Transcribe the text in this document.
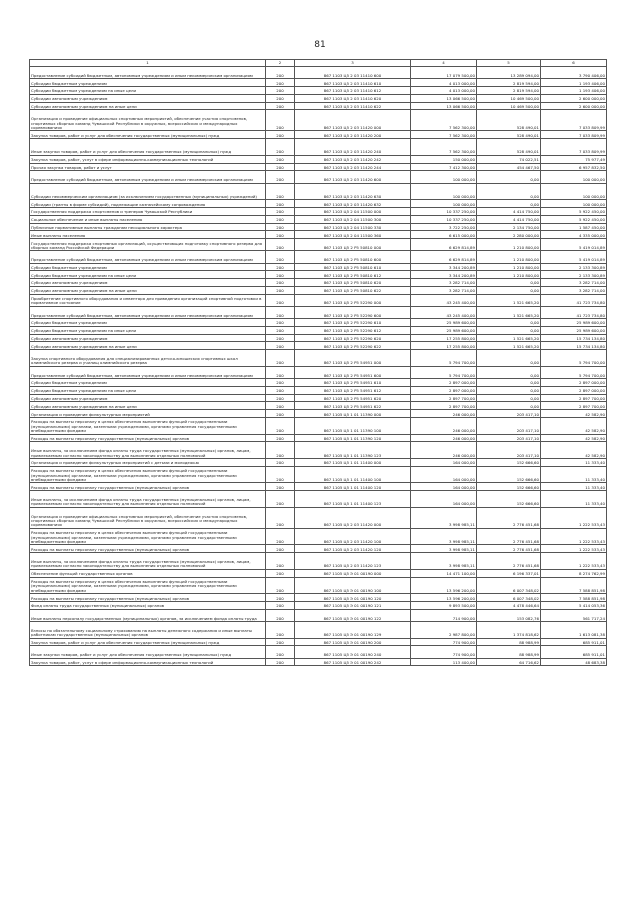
81
1	2	3	4	5	6
Предоставление субсидий бюджетным, автономным учреждениям и иным некоммерческим организациям	200	867 1103 Ц5 2 03 11410 600	17 079 500,00	13 289 094,00	3 790 406,00
Субсидии бюджетным учреждениям	200	867 1103 Ц5 2 03 11410 610	4 013 000,00	2 819 594,00	1 193 406,00
Субсидии бюджетным учреждениям на иные цели	200	867 1103 Ц5 2 03 11410 612	4 013 000,00	2 819 594,00	1 193 406,00
Субсидии автономным учреждениям	200	867 1103 Ц5 2 03 11410 620	13 066 500,00	10 469 500,00	2 600 000,00
Субсидии автономным учреждениям на иные цели	200	867 1103 Ц5 2 03 11410 622	13 066 500,00	10 469 500,00	2 600 000,00
Организация и проведение официальных спортивных мероприятий, обеспечение участия спортсменов, спортивных сборных команд Чувашской Республики в окружных, всероссийских и международных соревнованиях	200	867 1103 Ц5 2 03 11420 000	7 562 300,00	528 490,01	7 033 809,99
Закупка товаров, работ и услуг для обеспечения государственных (муниципальных) нужд	200	867 1103 Ц5 2 03 11420 200	7 562 300,00	528 490,01	7 033 809,99
Иные закупки товаров, работ и услуг для обеспечения государственных (муниципальных) нужд	200	867 1103 Ц5 2 03 11420 240	7 562 300,00	528 490,01	7 033 809,99
Закупка товаров, работ, услуг в сфере информационно-коммуникационных технологий	200	867 1103 Ц5 2 03 11420 242	150 000,00	74 022,51	75 977,49
Прочая закупка товаров, работ и услуг	200	867 1103 Ц5 2 03 11420 244	7 412 300,00	454 467,50	6 957 832,50
Предоставление субсидий бюджетным, автономным учреждениям и иным некоммерческим организациям	200	867 1103 Ц5 2 03 11420 600	100 000,00	0,00	100 000,00
Субсидии некоммерческим организациям (за исключением государственных (муниципальных) учреждений)	200	867 1103 Ц5 2 03 11420 630	100 000,00	0,00	100 000,00
Субсидии (гранты в форме субсидий), подлежащие казначейскому сопровождению	200	867 1103 Ц5 2 03 11420 632	100 000,00	0,00	100 000,00
Государственная поддержка спортсменов и тренеров Чувашской Республики	200	867 1103 Ц5 2 04 11500 000	10 337 250,00	4 414 750,00	5 922 450,00
Социальное обеспечение и иные выплаты населению	200	867 1103 Ц5 2 04 11500 300	10 337 250,00	4 414 750,00	5 922 450,00
Публичные нормативные выплаты гражданам несоциального характера	200	867 1103 Ц5 2 04 11500 330	3 722 250,00	2 134 750,00	1 587 450,00
Иные выплаты населению	200	867 1103 Ц5 2 04 11500 360	6 615 000,00	2 280 000,00	4 335 000,00
Государственная поддержка спортивных организаций, осуществляющих подготовку спортивного резерва для сборных команд Российской Федерации	200	867 1103 Ц5 2 P5 50810 000	6 629 814,89	1 210 800,00	5 419 014,89
Предоставление субсидий бюджетным, автономным учреждениям и иным некоммерческим организациям	200	867 1103 Ц5 2 P5 50810 600	6 629 814,89	1 210 800,00	5 419 014,89
Субсидии бюджетным учреждениям	200	867 1103 Ц5 2 P5 50810 610	3 344 200,89	1 210 800,00	2 133 300,89
Субсидии бюджетным учреждениям на иные цели	200	867 1103 Ц5 2 P5 50810 612	3 344 200,89	1 210 800,00	2 133 300,89
Субсидии автономным учреждениям	200	867 1103 Ц5 2 P5 50810 620	3 282 714,00	0,00	3 282 714,00
Субсидии автономным учреждениям на иные цели	200	867 1103 Ц5 2 P5 50810 622	3 282 714,00	0,00	3 282 714,00
Приобретение спортивного оборудования и инвентаря для приведения организаций спортивной подготовки в нормативное состояние	200	867 1103 Ц5 2 P5 52290 000	43 245 400,00	1 521 665,20	41 723 734,80
Предоставление субсидий бюджетным, автономным учреждениям и иным некоммерческим организациям	200	867 1103 Ц5 2 P5 52290 600	43 245 400,00	1 521 665,20	41 723 734,80
Субсидии бюджетным учреждениям	200	867 1103 Ц5 2 P5 52290 610	25 989 600,00	0,00	25 989 600,00
Субсидии бюджетным учреждениям на иные цели	200	867 1103 Ц5 2 P5 52290 612	25 989 600,00	0,00	25 989 600,00
Субсидии автономным учреждениям	200	867 1103 Ц5 2 P5 52290 620	17 255 800,00	1 521 665,20	15 734 134,80
Субсидии автономным учреждениям на иные цели	200	867 1103 Ц5 2 P5 52290 622	17 255 800,00	1 521 665,20	15 734 134,80
Закупка спортивного оборудования для специализированных детско-юношеских спортивных школ олимпийского резерва и училищ олимпийского резерва	200	867 1103 Ц5 2 P5 54951 000	5 794 700,00	0,00	5 794 700,00
Предоставление субсидий бюджетным, автономным учреждениям и иным некоммерческим организациям	200	867 1103 Ц5 2 P5 54951 600	5 794 700,00	0,00	5 794 700,00
Субсидии бюджетным учреждениям	200	867 1103 Ц5 2 P5 54951 610	2 897 000,00	0,00	2 897 000,00
Субсидии бюджетным учреждениям на иные цели	200	867 1103 Ц5 2 P5 54951 612	2 897 000,00	0,00	2 897 000,00
Субсидии автономным учреждениям	200	867 1103 Ц5 2 P5 54951 620	2 897 700,00	0,00	2 897 700,00
Субсидии автономным учреждениям на иные цели	200	867 1103 Ц5 2 P5 54951 622	2 897 700,00	0,00	2 897 700,00
Организация и проведение физкультурных мероприятий	200	867 1105 Ц5 1 01 11390 000	246 000,00	203 417,10	42 582,90
Расходы на выплаты персоналу в целях обеспечения выполнения функций государственными (муниципальными) органами, казенными учреждениями, органами управления государственными внебюджетными фондами	200	867 1105 Ц5 1 01 11390 100	246 000,00	203 417,10	42 582,90
Расходы на выплаты персоналу государственных (муниципальных) органов	200	867 1105 Ц5 1 01 11390 120	246 000,00	203 417,10	42 582,90
Иные выплаты, за исключением фонда оплаты труда государственных (муниципальных) органов, лицам, привлекаемым согласно законодательству для выполнения отдельных полномочий	200	867 1105 Ц5 1 01 11390 123	246 000,00	203 417,10	42 582,90
Организация и проведение физкультурных мероприятий с детьми и молодежью	200	867 1105 Ц5 1 01 11400 000	164 000,00	152 666,60	11 333,40
Расходы на выплаты персоналу в целях обеспечения выполнения функций государственными (муниципальными) органами, казенными учреждениями, органами управления государственными внебюджетными фондами	200	867 1105 Ц5 1 01 11400 100	164 000,00	152 666,60	11 333,40
Расходы на выплаты персоналу государственных (муниципальных) органов	200	867 1105 Ц5 1 01 11400 120	164 000,00	152 666,60	11 333,40
Иные выплаты, за исключением фонда оплаты труда государственных (муниципальных) органов, лицам, привлекаемым согласно законодательству для выполнения отдельных полномочий	200	867 1105 Ц5 1 01 11400 123	164 000,00	152 666,60	11 333,40
Организация и проведение официальных спортивных мероприятий, обеспечение участия спортсменов, спортивных сборных команд Чувашской Республики в окружных, всероссийских и международных соревнованиях	200	867 1105 Ц5 2 03 11420 000	3 998 985,11	2 776 451,68	1 222 533,43
Расходы на выплаты персоналу в целях обеспечения выполнения функций государственными (муниципальными) органами, казенными учреждениями, органами управления государственными внебюджетными фондами	200	867 1105 Ц5 2 03 11420 100	3 998 985,11	2 776 451,68	1 222 533,43
Расходы на выплаты персоналу государственных (муниципальных) органов	200	867 1105 Ц5 2 03 11420 120	3 998 985,11	2 776 451,68	1 222 533,43
Иные выплаты, за исключением фонда оплаты труда государственных (муниципальных) органов, лицам, привлекаемым согласно законодательству для выполнения отдельных полномочий	200	867 1105 Ц5 2 03 11420 123	3 998 985,11	2 776 451,68	1 222 533,43
Обеспечение функций государственных органов	200	867 1105 Ц5 Э 01 00190 000	14 471 100,00	6 196 337,01	8 274 762,99
Расходы на выплаты персоналу в целях обеспечения выполнения функций государственными (муниципальными) органами, казенными учреждениями, органами управления государственными внебюджетными фондами	200	867 1105 Ц5 Э 01 00190 100	13 596 200,00	6 007 348,02	7 588 851,98
Расходы на выплаты персоналу государственных (муниципальных) органов	200	867 1105 Ц5 Э 01 00190 120	13 596 200,00	6 007 348,02	7 588 851,98
Фонд оплаты труда государственных (муниципальных) органов	200	867 1105 Ц5 Э 01 00190 121	9 893 500,00	4 478 446,64	5 414 053,36
Иные выплаты персоналу государственных (муниципальных) органов, за исключением фонда оплаты труда	200	867 1105 Ц5 Э 01 00190 122	714 900,00	153 082,76	561 717,24
Взносы по обязательному социальному страхованию на выплаты денежного содержания и иные выплаты работникам государственных (муниципальных) органов	200	867 1105 Ц5 Э 01 00190 129	2 987 800,00	1 374 818,62	1 613 081,38
Закупка товаров, работ и услуг для обеспечения государственных (муниципальных) нужд	200	867 1105 Ц5 Э 01 00190 200	774 900,00	88 988,99	685 911,01
Иные закупки товаров, работ и услуг для обеспечения государственных (муниципальных) нужд	200	867 1105 Ц5 Э 01 00190 240	774 900,00	88 988,99	685 911,01
Закупка товаров, работ, услуг в сфере информационно-коммуникационных технологий	200	867 1105 Ц5 Э 01 00190 242	113 400,00	64 716,62	48 683,38
